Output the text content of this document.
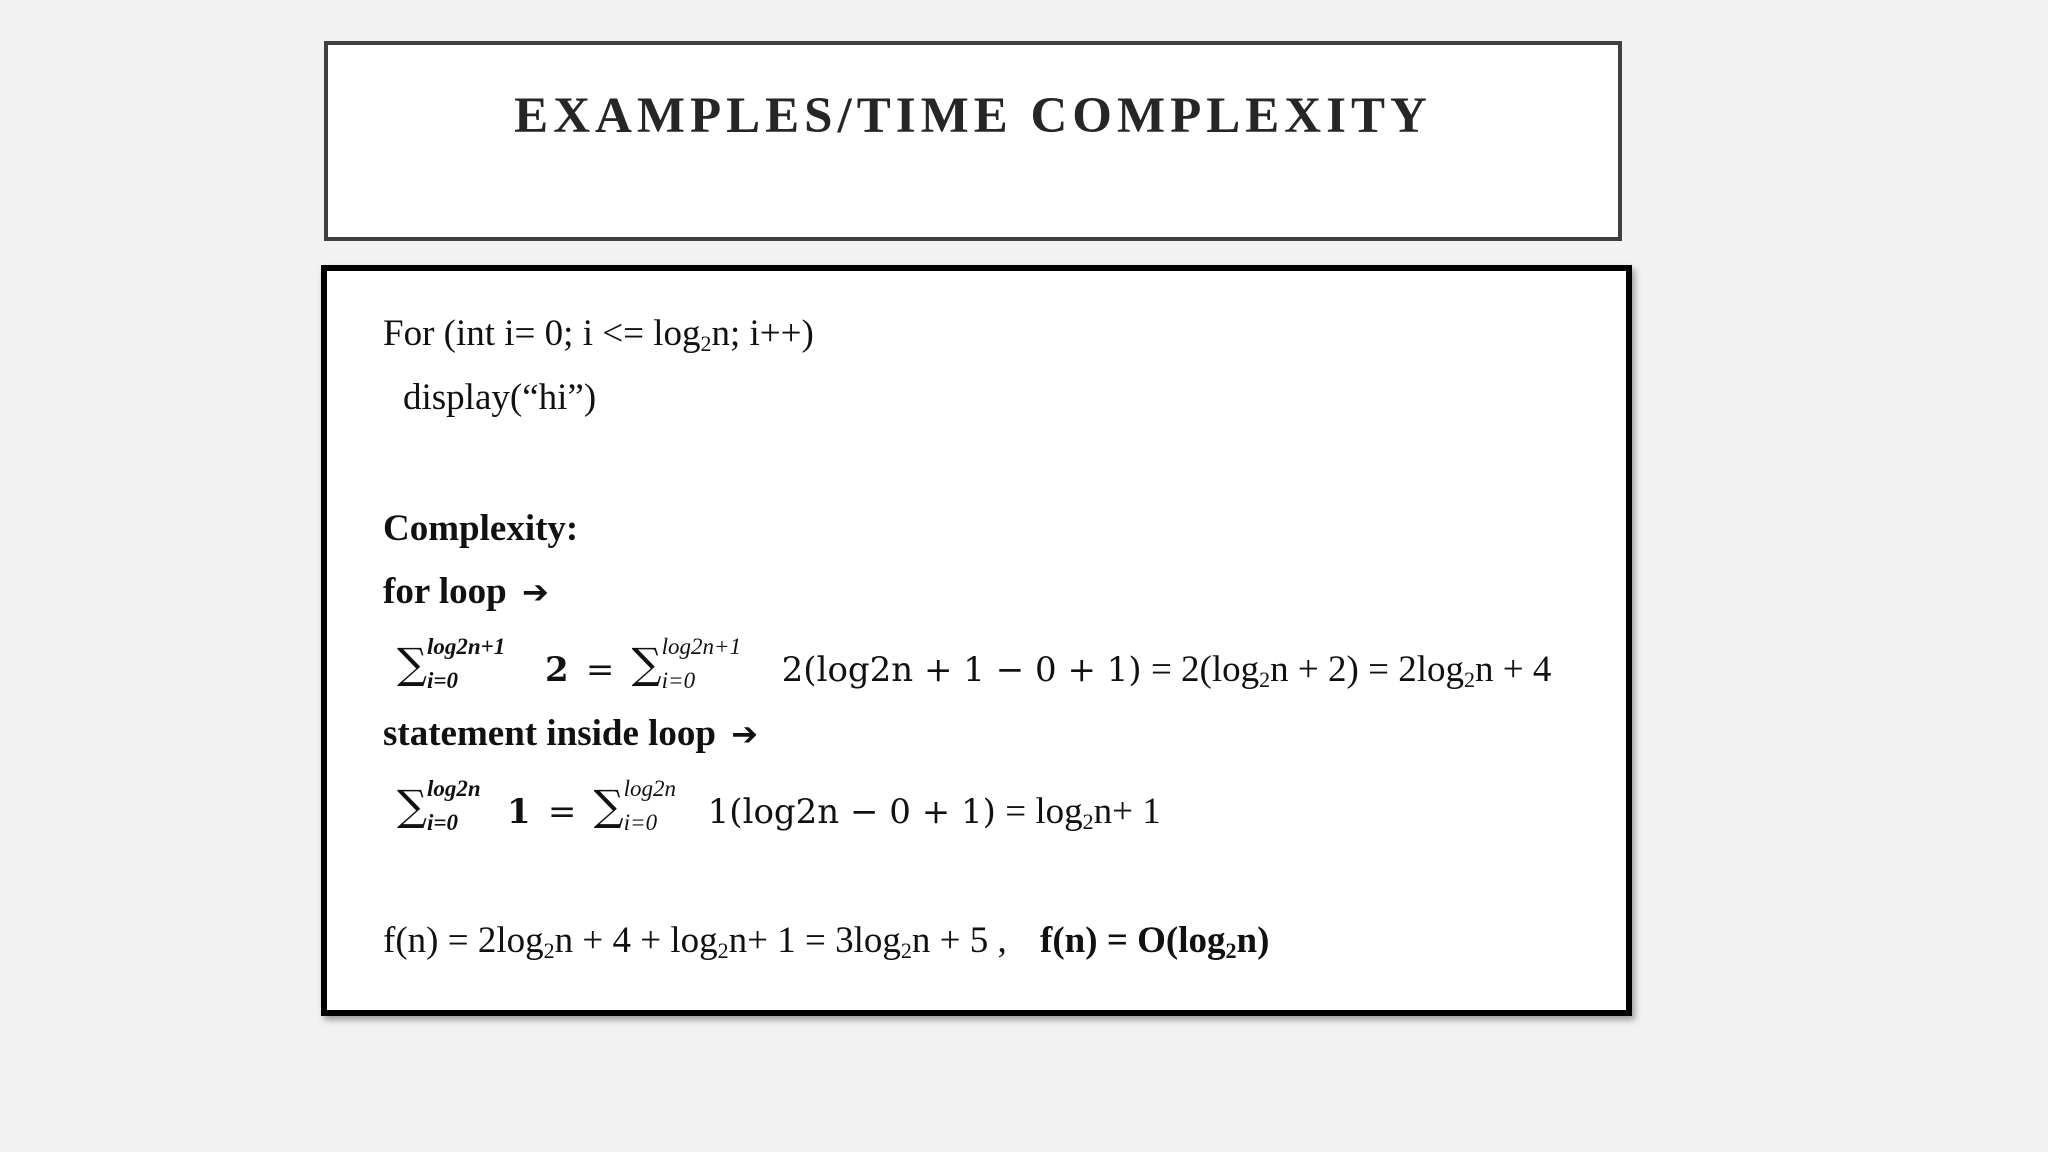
EXAMPLES/TIME COMPLEXITY
For (int i= 0; $i <= \log_2n$; i++)
display(“hi”)
Complexity:
for loop ➔
∑ log2n+1
i=0	2 = ∑ log2n+1
i=0	$2(\log 2n + 1 - 0 + 1) = 2(\log_2n + 2) = 2\log_2n + 4$
statement inside loop ➔
∑ log2n
i=0 1 = ∑ log2n
i=0 $1(\log 2n - 0 + 1) = \log_2n+ 1$
$f(n) = 2\log_2n + 4 + \log_2n+ 1 = 3\log_2n + 5$ , $f(n) = O(\log_2n)$
